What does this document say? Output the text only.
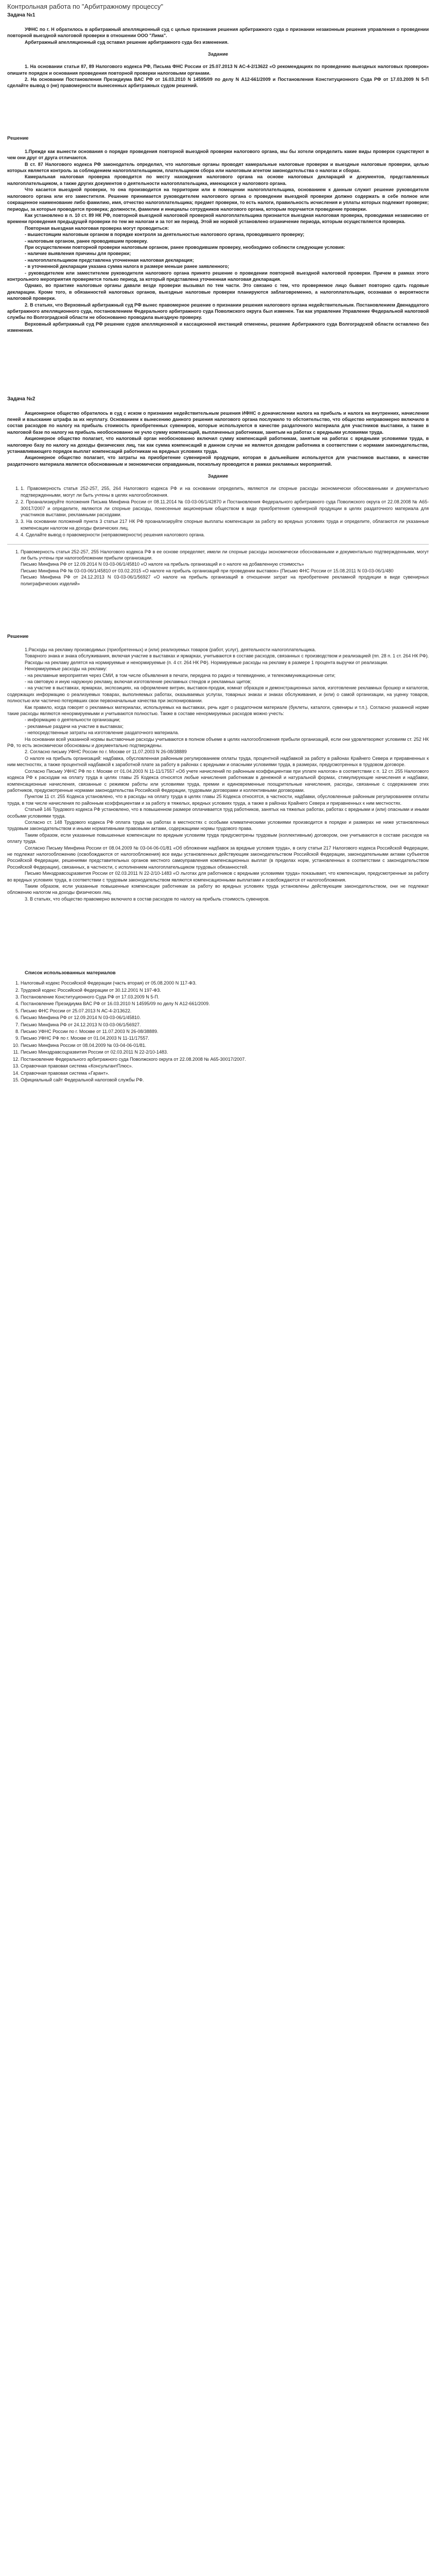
Контрольная работа по "Арбитражному процессу"
Задача №1

УФНС по г. Н обратилось в арбитражный апелляционный суд с целью признания решения арбитражного суда о признании незаконным решения управления о проведении повторной выездной налоговой проверки в отношении ООО "Лима".

Арбитражный апелляционный суд оставил решение арбитражного суда без изменения.

Задание

1. На основании статьи 87, 89 Налогового кодекса РФ, Письма ФНС России от 25.07.2013 N АС-4-2/13622 «О рекомендациях по проведению выездных налоговых проверок» опишите порядок и основания проведения повторной проверки налоговыми органами.

2. На основании Постановления Президиума ВАС РФ от 16.03.2010 N 14595/09 по делу N А12-661/2009 и Постановления Конституционного Суда РФ от 17.03.2009 N 5-П сделайте вывод о (не) правомерности вынесенных арбитражных судом решений.

Решение

1.Прежде как вынести основания о порядке проведения повторной выездной проверки налогового органа, мы бы хотели определить какие виды проверок существуют в чем они друг от друга отличаются.

В ст. 87 Налогового кодекса РФ законодатель определил, что налоговые органы проводят камеральные налоговые проверки и выездные налоговые проверки, целью которых является контроль за соблюдением налогоплательщиком, плательщиком сбора или налоговым агентом законодательства о налогах и сборах.

Камеральная налоговая проверка проводится по месту нахождения налогового органа на основе налоговых деклараций и документов, представленных налогоплательщиком, а также других документов о деятельности налогоплательщика, имеющихся у налогового органа.

Что касается выездной проверки, то она производится на территории или в помещении налогоплательщика, основанием к данным служит решение руководителя налогового органа или его заместителя. Решение принимается руководителем налогового органа о проведении выездной проверки должно содержать в себе полное или сокращенное наименование либо фамилию, имя, отчество налогоплательщика; предмет проверки, то есть налоги, правильность исчисления и уплаты которых подлежит проверке; периоды, за которые проводится проверка; должности, фамилии и инициалы сотрудников налогового органа, которым поручается проведение проверки.

Как установлено в п. 10 ст. 89 НК РФ, повторной выездной налоговой проверкой налогоплательщика признается выездная налоговая проверка, проводимая независимо от времени проведения предыдущей проверки по тем же налогам и за тот же период. Этой же нормой установлено ограничение периода, которым осуществляется проверка.

Повторная выездная налоговая проверка могут проводиться:

- вышестоящим налоговым органом в порядке контроля за деятельностью налогового органа, проводившего проверку;

- налоговым органом, ранее проводившим проверку.

При осуществлении повторной проверки налоговым органом, ранее проводившим проверку, необходимо соблюсти следующие условия:

- наличие выявления причины для проверки;

- налогоплательщиком представлена уточненная налоговая декларация;

- в уточненной декларации указана сумма налога в размере меньше ранее заявленного;

- руководителем или заместителем руководителя налогового органа принято решение о проведении повторной выездной налоговой проверки. Причем в рамках этого контрольного мероприятия проверяется только период, за который представлена уточненная налоговая декларация.

Однако, во практике налоговые органы давали везде проверки вызывал по тем части. Это связано с тем, что проверяемое лицо бывает повторно сдать годовые декларации. Кроме того, в обязанностей налоговых органов, выездные налоговые проверки планируются заблаговременно, а налогоплательщик, осознавая о вероятности налоговой проверки.

2. В статьях, что Верховный арбитражный суд РФ вынес правомерное решение о признании решения налогового органа недействительным. Постановлением Двенадцатого арбитражного апелляционного суда, постановлением Федерального арбитражного суда Поволжского округа был изменен. Так как управление Управление Федеральной налоговой службы по Волгоградской области не обоснованно проводила выездную проверку.

Верховный арбитражный суд РФ решение судов апелляционной и кассационной инстанций отменены, решение Арбитражного суда Волгоградской области оставлено без изменения.

Задача №2

Акционерное общество обратилось в суд с иском о признании недействительным решения ИФНС о доначислении налога на прибыль и налога на внутренних, начислении пеней и взыскание штрафа за их неуплату. Основанием к вынесению данного решения налогового органа послужило то обстоятельство, что общество неправомерно включило в состав расходов по налогу на прибыль стоимость приобретенных сувениров, которые используются в качестве раздаточного материала для участников выставки, а также в налоговой базе по налогу на прибыль необоснованно не учло сумму компенсаций, выплаченных работникам, занятым на работах с вредными условиями труда.

Акционерное общество полагает, что налоговый орган необоснованно включил сумму компенсаций работникам, занятым на работах с вредными условиями труда, в налоговую базу по налогу на доходы физических лиц, так как сумма компенсаций в данном случае не является доходом работника в соответствии с нормами законодательства, устанавливающего порядок выплат компенсаций работникам на вредных условиях труда.

Акционерное общество полагает, что затраты на приобретение сувенирной продукции, которая в дальнейшем используется для участников выставки, в качестве раздаточного материала является обоснованным и экономически оправданным, поскольку проводится в рамках рекламных мероприятий.

Задание
1. 1. Правомерность статья 252-257, 255, 264 Налогового кодекса РФ и на основании определить, являются ли спорные расходы экономически обоснованными и документально подтвержденными, могут ли быть учтены в целях налогообложения.
2. 2. Проанализируйте положения Письма Минфина России от 08.11.2014 № 03-03-06/1/42870 и Постановления Федерального арбитражного суда Поволжского округа от 22.08.2008 № А65-30017/2007 и определите, являются ли спорные расходы, понесенные акционерным обществом в виде приобретения сувенирной продукции в целях раздаточного материала для участников выставки, рекламными расходами.
3. 3. На основании положений пункта 3 статьи 217 НК РФ проанализируйте спорные выплаты компенсации за работу во вредных условиях труда и определите, облагаются ли указанные компенсации налогом на доходы физических лиц.
4. 4. Сделайте вывод о правомерности (неправомерности) решения налогового органа.
1. Правомерность статья 252-257, 255 Налогового кодекса РФ в ее основе определяет, имели ли спорные расходы экономически обоснованными и документально подтвержденными, могут ли быть учтены при налогообложении прибыли организации.
Письмо Минфина РФ от 12.09.2014 N 03-03-06/1/45810 «О налоге на прибыль организаций и о налоге на добавленную стоимость»
Письмо Минфина РФ № 03-03-06/1/45810 от 03.02.2015 «О налоге на прибыль организаций при проведении выставок» (Письмо ФНС России от 15.08.2011 N 03-03-06/1/480
Письмо Минфина РФ от 24.12.2013 N 03-03-06/1/56927 «О налоге на прибыль организаций в отношении затрат на приобретение рекламной продукции в виде сувенирных полиграфических изделий»
Решение

1.Расходы на рекламу производимых (приобретенных) и (или) реализуемых товаров (работ, услуг), деятельности налогоплательщика.

Товарного знака и знака обслуживания, включая участие в выставках и ярмарках, учитываются в составе расходов, связанных с производством и реализацией (пп. 28 п. 1 ст. 264 НК РФ).

Расходы на рекламу делятся на нормируемые и ненормируемые (п. 4 ст. 264 НК РФ). Нормируемые расходы на рекламу в размере 1 процента выручки от реализации.

Ненормируемые расходы на рекламу:

- на рекламные мероприятия через СМИ, в том числе объявления в печати, передача по радио и телевидению, и телекоммуникационные сети;

- на световую и иную наружную рекламу, включая изготовление рекламных стендов и рекламных щитов;

- на участие в выставках, ярмарках, экспозициях, на оформление витрин, выставок-продаж, комнат образцов и демонстрационных залов, изготовление рекламных брошюр и каталогов, содержащих информацию о реализуемых товарах, выполняемых работах, оказываемых услугах, товарных знаках и знаках обслуживания, и (или) о самой организации, на уценку товаров, полностью или частично потерявших свои первоначальные качества при экспонировании.

Как правило, когда говорят о рекламных материалах, используемых на выставках, речь идет о раздаточном материале (буклеты, каталоги, сувениры и т.п.). Согласно указанной норме такие расходы являются ненормируемыми и учитываются полностью. Также в составе ненормируемых расходов можно учесть:

- информацию о деятельности организации;

- рекламные раздачи на участие в выставках;

- непосредственные затраты на изготовление раздаточного материала.

На основании всей указанной нормы выставочные расходы учитываются в полном объеме в целях налогообложения прибыли организаций, если они удовлетворяют условиям ст. 252 НК РФ, то есть экономически обоснованы и документально подтверждены.

2. Согласно письму УФНС России по г. Москве от 11.07.2003 N 26-08/38889

О налоге на прибыль организаций: надбавка, обусловленная районным регулированием оплаты труда, процентной надбавкой за работу в районах Крайнего Севера и приравненных к ним местностях, а также процентной надбавкой к заработной плате за работу в районах с вредными и опасными условиями труда, в размерах, предусмотренных в трудовом договоре.

Согласно Письму УФНС РФ по г. Москве от 01.04.2003 N 11-11/17557 «Об учете начислений по районным коэффициентам при уплате налогов» в соответствии с п. 12 ст. 255 Налогового кодекса РФ к расходам на оплату труда в целях главы 25 Кодекса относятся любые начисления работникам в денежной и натуральной формах, стимулирующие начисления и надбавки, компенсационные начисления, связанные с режимом работы или условиями труда, премии и единовременные поощрительные начисления, расходы, связанные с содержанием этих работников, предусмотренные нормами законодательства Российской Федерации, трудовыми договорами и коллективными договорами.

Пунктом 11 ст. 255 Кодекса установлено, что в расходы на оплату труда в целях главы 25 Кодекса относятся, в частности, надбавки, обусловленные районным регулированием оплаты труда, в том числе начисления по районным коэффициентам и за работу в тяжелых, вредных условиях труда, а также в районах Крайнего Севера и приравненных к ним местностях.

Статьей 146 Трудового кодекса РФ установлено, что в повышенном размере оплачивается труд работников, занятых на тяжелых работах, работах с вредными и (или) опасными и иными особыми условиями труда.

Согласно ст. 148 Трудового кодекса РФ оплата труда на работах в местностях с особыми климатическими условиями производится в порядке и размерах не ниже установленных трудовым законодательством и иными нормативными правовыми актами, содержащими нормы трудового права.

Таким образом, если указанные повышенные компенсации по вредным условиям труда предусмотрены трудовым (коллективным) договором, они учитываются в составе расходов на оплату труда.

Согласно Письму Минфина России от 08.04.2009 № 03-04-06-01/81 «Об обложении надбавок за вредные условия труда», в силу статьи 217 Налогового кодекса Российской Федерации, не подлежат налогообложению (освобождаются от налогообложения) все виды установленных действующим законодательством Российской Федерации, законодательными актами субъектов Российской Федерации, решениями представительных органов местного самоуправления компенсационных выплат (в пределах норм, установленных в соответствии с законодательством Российской Федерации), связанных, в частности, с исполнением налогоплательщиком трудовых обязанностей.

Письмо Минздравсоцразвития России от 02.03.2011 N 22-2/10-1483 «О льготах для работников с вредными условиями труда» показывает, что компенсации, предусмотренные за работу во вредных условиях труда, в соответствии с трудовым законодательством являются компенсационными выплатами и освобождаются от налогообложения.

Таким образом, если указанные повышенные компенсации работникам за работу во вредных условиях труда установлены действующим законодательством, они не подлежат обложению налогом на доходы физических лиц.

3. В статьях, что общество правомерно включило в состав расходов по налогу на прибыль стоимость сувениров.

Список использованных материалов
1. Налоговый кодекс Российской Федерации (часть вторая) от 05.08.2000 N 117-ФЗ.
2. Трудовой кодекс Российской Федерации от 30.12.2001 N 197-ФЗ.
3. Постановление Конституционного Суда РФ от 17.03.2009 N 5-П.
4. Постановление Президиума ВАС РФ от 16.03.2010 N 14595/09 по делу N А12-661/2009.
5. Письмо ФНС России от 25.07.2013 N АС-4-2/13622.
6. Письмо Минфина РФ от 12.09.2014 N 03-03-06/1/45810.
7. Письмо Минфина РФ от 24.12.2013 N 03-03-06/1/56927.
8. Письмо УФНС России по г. Москве от 11.07.2003 N 26-08/38889.
9. Письмо УФНС РФ по г. Москве от 01.04.2003 N 11-11/17557.
10. Письмо Минфина России от 08.04.2009 № 03-04-06-01/81.
11. Письмо Минздравсоцразвития России от 02.03.2011 N 22-2/10-1483.
12. Постановление Федерального арбитражного суда Поволжского округа от 22.08.2008 № А65-30017/2007.
13. Справочная правовая система «КонсультантПлюс».
14. Справочная правовая система «Гарант».
15. Официальный сайт Федеральной налоговой службы РФ.
